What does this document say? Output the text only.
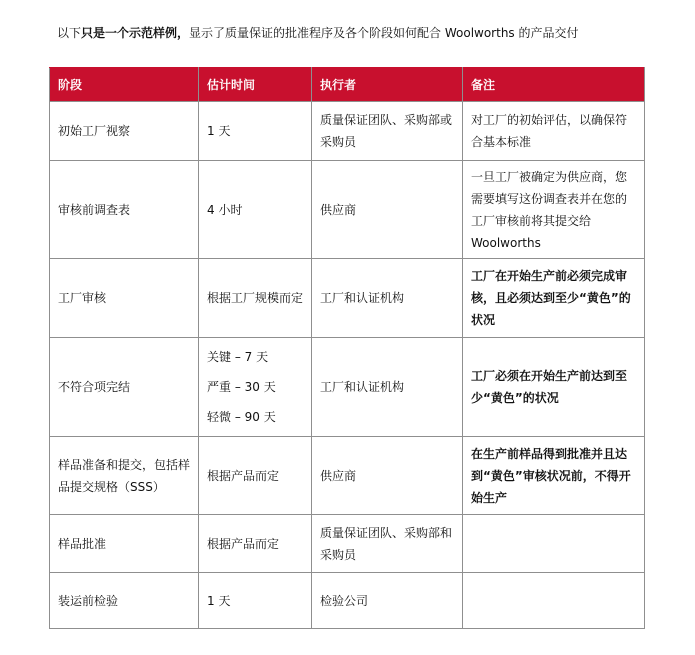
以下只是一个示范样例，显示了质量保证的批准程序及各个阶段如何配合 Woolworths 的产品交付
阶段	估计时间	执行者	备注
初始工厂视察	1 天	质量保证团队、采购部或采购员	对工厂的初始评估，以确保符合基本标准
审核前调查表	4 小时	供应商	一旦工厂被确定为供应商，您需要填写这份调查表并在您的工厂审核前将其提交给 Woolworths
工厂审核	根据工厂规模而定	工厂和认证机构	工厂在开始生产前必须完成审核，且必须达到至少“黄色”的状况
不符合项完结	关键 – 7 天
严重 – 30 天
轻微 – 90 天	工厂和认证机构	工厂必须在开始生产前达到至少“黄色”的状况
样品准备和提交，包括样品提交规格（SSS）	根据产品而定	供应商	在生产前样品得到批准并且达到“黄色”审核状况前，不得开始生产
样品批准	根据产品而定	质量保证团队、采购部和采购员	
装运前检验	1 天	检验公司	
